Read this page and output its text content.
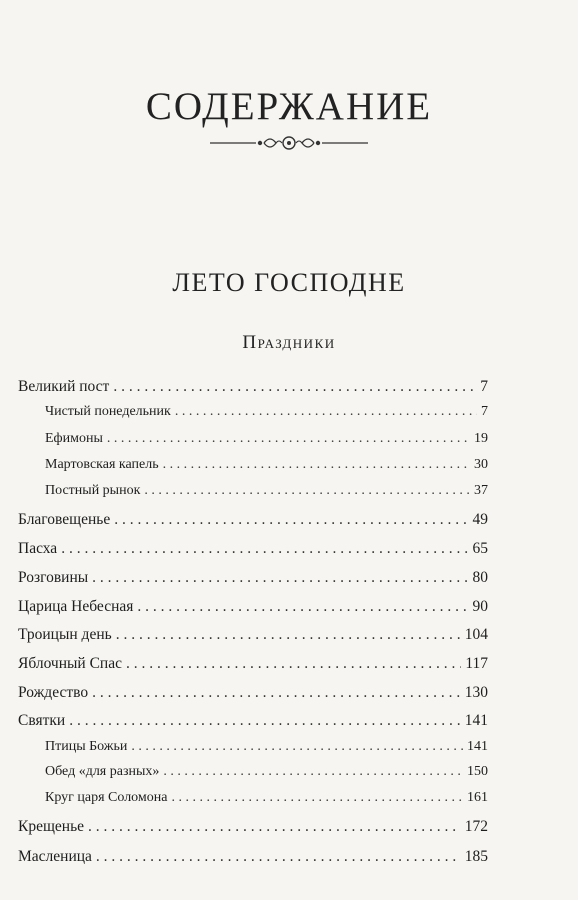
СОДЕРЖАНИЕ
ЛЕТО ГОСПОДНЕ
Праздники
Великий пост . . .	7
Чистый понедельник . . .	7
Ефимоны . . .	19
Мартовская капель . . .	30
Постный рынок . . .	37
Благовещенье . . .	49
Пасха . . .	65
Розговины . . .	80
Царица Небесная . . .	90
Троицын день . . .	104
Яблочный Спас . . .	117
Рождество . . .	130
Святки . . .	141
Птицы Божьи . . .	141
Обед «для разных» . . .	150
Круг царя Соломона . . .	161
Крещенье . . .	172
Масленица . . .	185
